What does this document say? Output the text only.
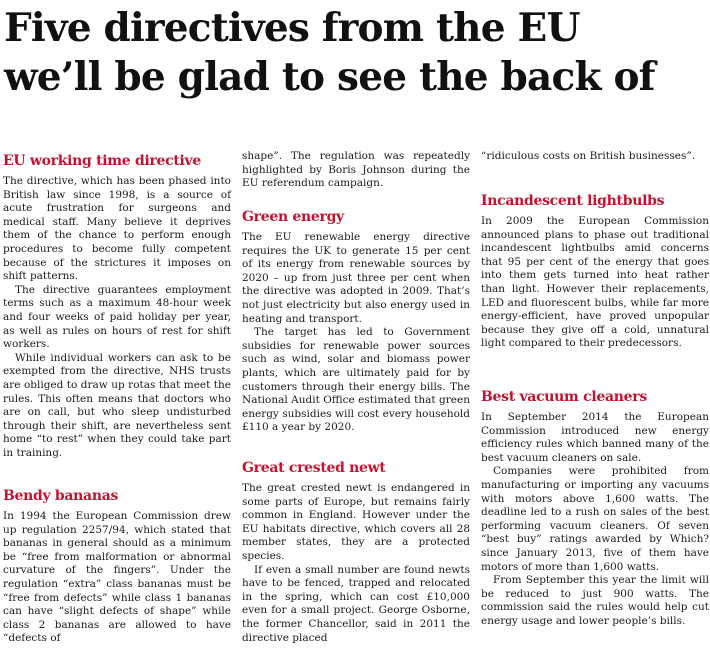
Five directives from the EU
we’ll be glad to see the back of
EU working time directive

The directive, which has been phased into British law since 1998, is a source of acute frustration for surgeons and medical staff. Many believe it deprives them of the chance to perform enough procedures to become fully competent because of the strictures it imposes on shift patterns.

The directive guarantees employment terms such as a maximum 48-hour week and four weeks of paid holiday per year, as well as rules on hours of rest for shift workers.

While individual workers can ask to be exempted from the directive, NHS trusts are obliged to draw up rotas that meet the rules. This often means that doctors who are on call, but who sleep undisturbed through their shift, are nevertheless sent home “to rest” when they could take part in training.

Bendy bananas

In 1994 the European Commission drew up regulation 2257/94, which stated that bananas in general should as a minimum be “free from malformation or abnormal curvature of the fingers”. Under the regulation “extra” class bananas must be “free from defects” while class 1 bananas can have “slight defects of shape” while class 2 bananas are allowed to have “defects of

shape”. The regulation was repeatedly highlighted by Boris Johnson during the EU referendum campaign.

Green energy

The EU renewable energy directive requires the UK to generate 15 per cent of its energy from renewable sources by 2020 – up from just three per cent when the directive was adopted in 2009. That’s not just electricity but also energy used in heating and transport.

The target has led to Government subsidies for renewable power sources such as wind, solar and biomass power plants, which are ultimately paid for by customers through their energy bills. The National Audit Office estimated that green energy subsidies will cost every household £110 a year by 2020.

Great crested newt

The great crested newt is endangered in some parts of Europe, but remains fairly common in England. However under the EU habitats directive, which covers all 28 member states, they are a protected species.

If even a small number are found newts have to be fenced, trapped and relocated in the spring, which can cost £10,000 even for a small project. George Osborne, the former Chancellor, said in 2011 the directive placed

“ridiculous costs on British businesses”.

Incandescent lightbulbs

In 2009 the European Commission announced plans to phase out traditional incandescent lightbulbs amid concerns that 95 per cent of the energy that goes into them gets turned into heat rather than light. However their replacements, LED and fluorescent bulbs, while far more energy-efficient, have proved unpopular because they give off a cold, unnatural light compared to their predecessors.

Best vacuum cleaners

In September 2014 the European Commission introduced new energy efficiency rules which banned many of the best vacuum cleaners on sale.

Companies were prohibited from manufacturing or importing any vacuums with motors above 1,600 watts. The deadline led to a rush on sales of the best performing vacuum cleaners. Of seven “best buy” ratings awarded by Which? since January 2013, five of them have motors of more than 1,600 watts.

From September this year the limit will be reduced to just 900 watts. The commission said the rules would help cut energy usage and lower people’s bills.
